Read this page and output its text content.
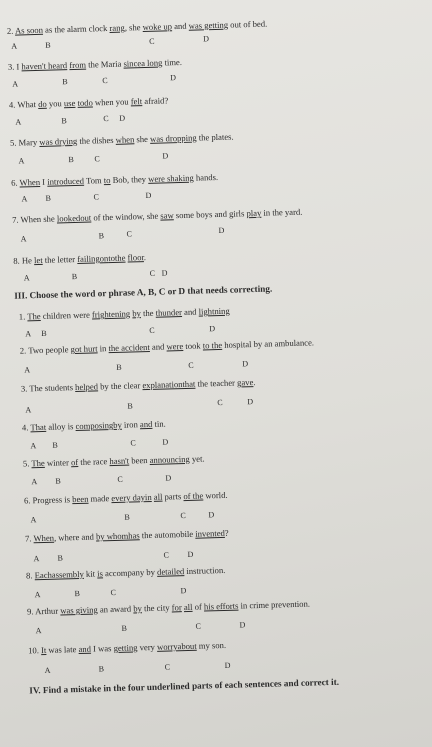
2. As soon as the alarm clock rang, she woke up and was getting out of bed.
A	B	C	D
3. I haven't heard from the Maria sincea long time.
A	B	C	D
4. What do you use todo when you felt afraid?
A	B	C D
5. Mary was drying the dishes when she was dropping the plates.
A	B	C	D
6. When I introduced Tom to Bob, they were shaking hands.
A B	C	D
7. When she lookedout of the window, she saw some boys and girls play in the yard.
A	B	C	D
8. He let the letter failingontothe floor.
A	B	C D
III. Choose the word or phrase A, B, C or D that needs correcting.
1. The children were frightening by the thunder and lightning
A B	C	D
2. Two people got hurt in the accident and were took to the hospital by an ambulance.
A	B	C	D
3. The students helped by the clear explanationthat the teacher gave.
A	B	C	D
4. That alloy is composingby iron and tin.
A B	C	D
5. The winter of the race hasn't been announcing yet.
A B	C	D
6. Progress is been made every dayin all parts of the world.
A	B	C	D
7. When, where and by whomhas the automobile invented?
A B	C D
8. Eachassembly kit is accompany by detailed instruction.
A	B	C	D
9. Arthur was giving an award by the city for all of his efforts in crime prevention.
A	B	C	D
10. It was late and I was getting very worryabout my son.
A	B	C	D
IV. Find a mistake in the four underlined parts of each sentences and correct it.
